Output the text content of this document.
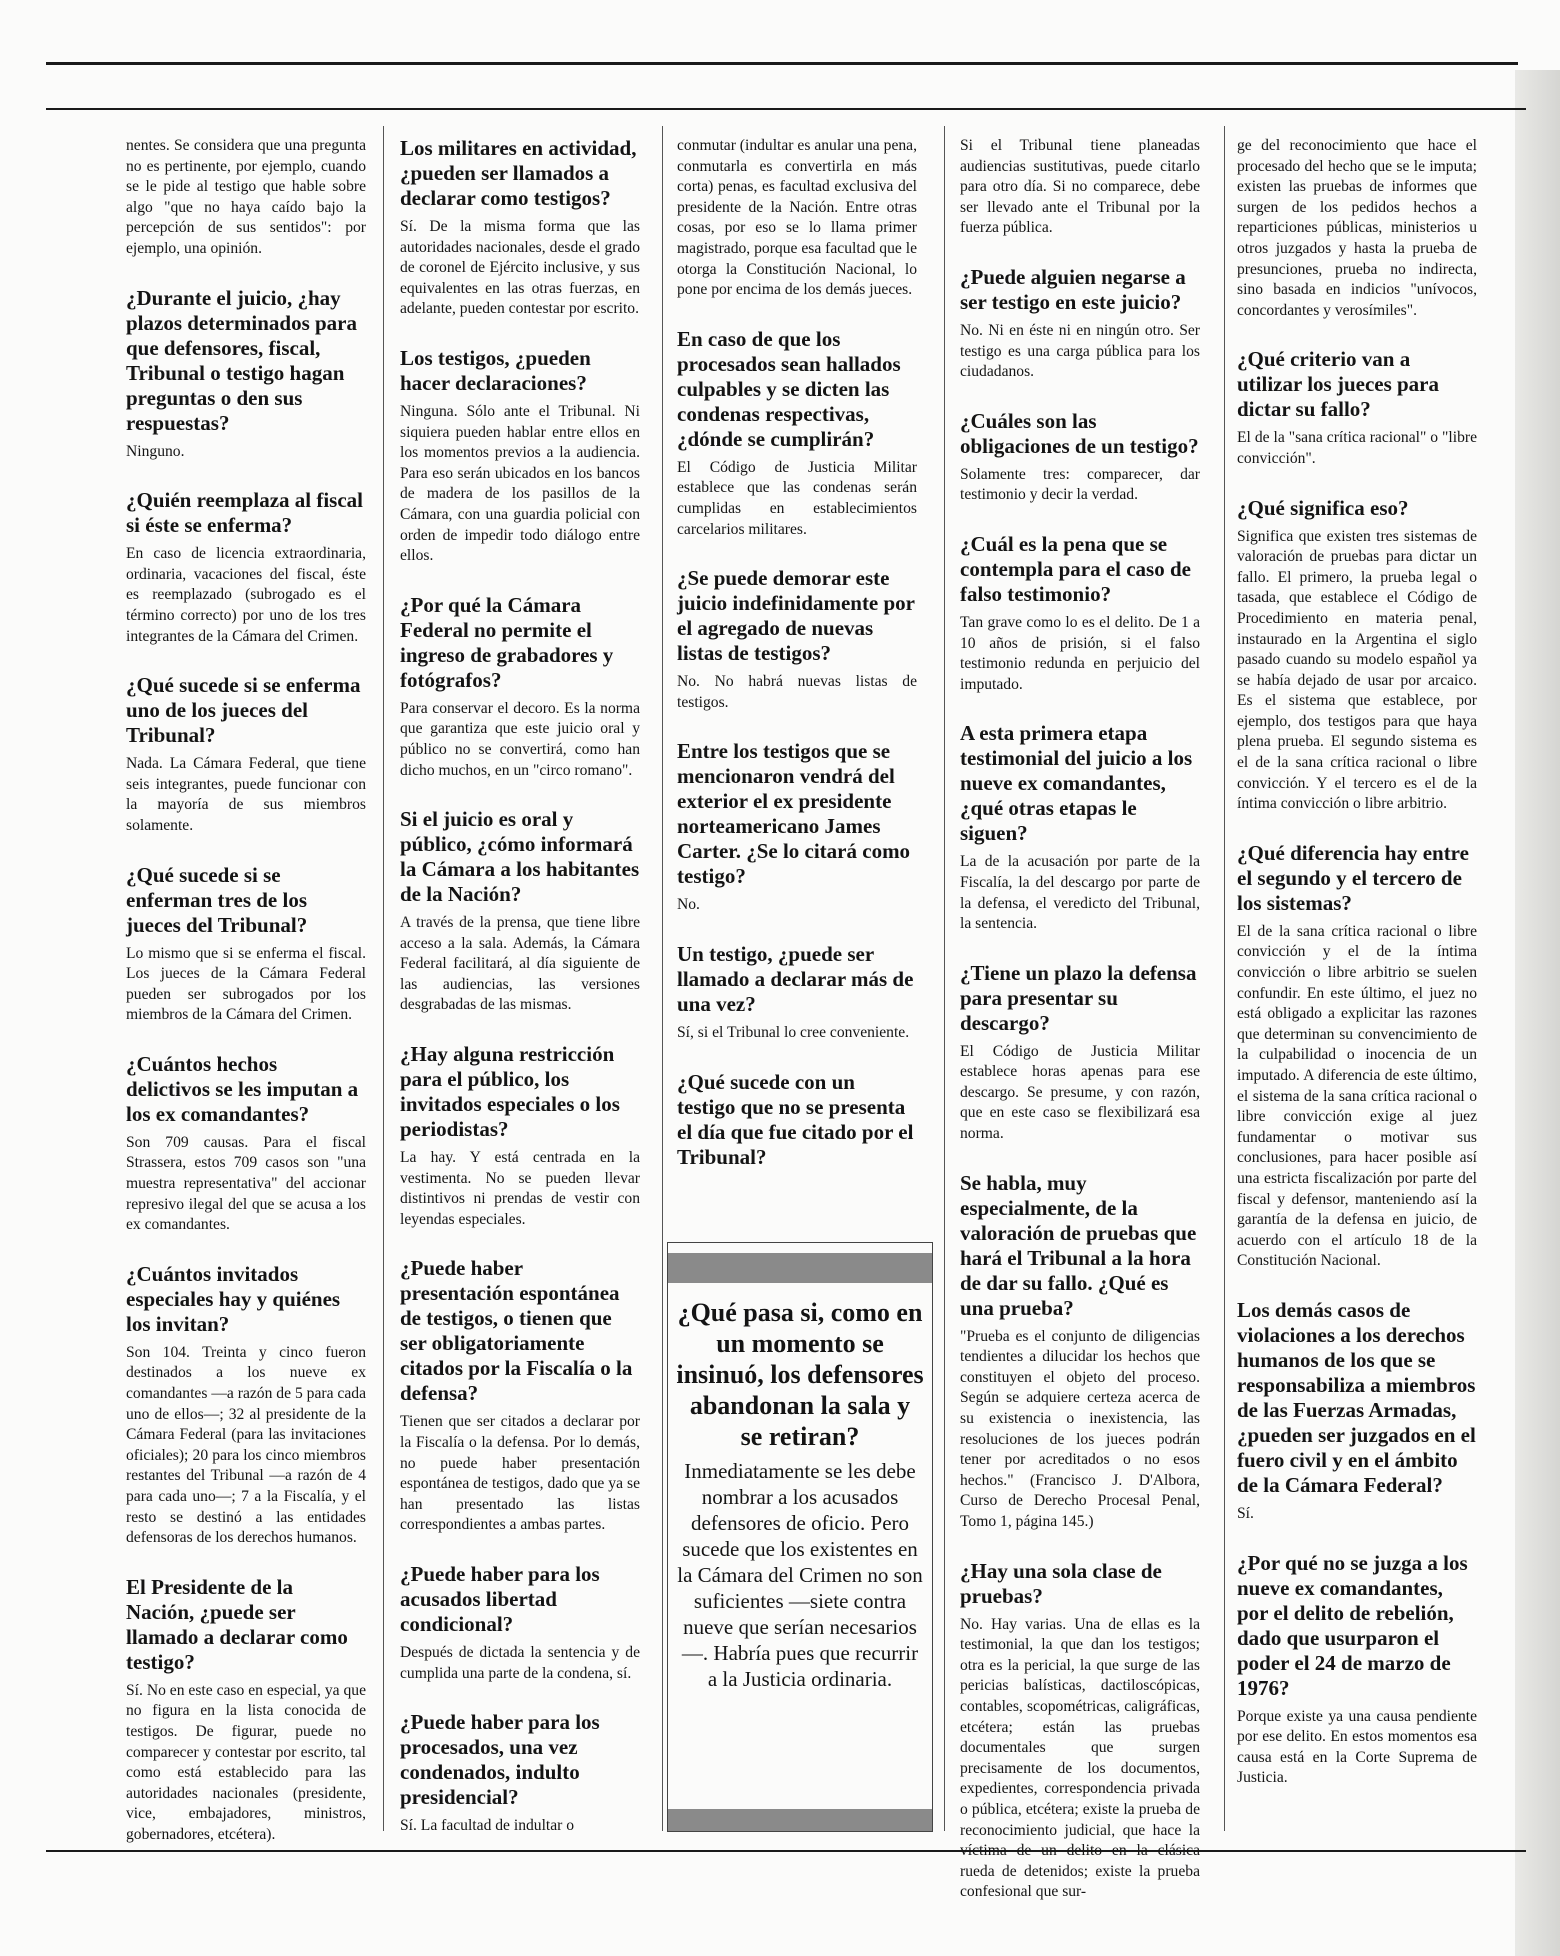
nentes. Se considera que una pregunta no es pertinente, por ejemplo, cuando se le pide al testigo que hable sobre algo "que no haya caído bajo la percepción de sus sentidos": por ejemplo, una opinión.

¿Durante el juicio, ¿hay plazos determinados para que defensores, fiscal, Tribunal o testigo hagan preguntas o den sus respuestas?

Ninguno.

¿Quién reemplaza al fiscal si éste se enferma?

En caso de licencia extraordinaria, ordinaria, vacaciones del fiscal, éste es reemplazado (subrogado es el término correcto) por uno de los tres integrantes de la Cámara del Crimen.

¿Qué sucede si se enferma uno de los jueces del Tribunal?

Nada. La Cámara Federal, que tiene seis integrantes, puede funcionar con la mayoría de sus miembros solamente.

¿Qué sucede si se enferman tres de los jueces del Tribunal?

Lo mismo que si se enferma el fiscal. Los jueces de la Cámara Federal pueden ser subrogados por los miembros de la Cámara del Crimen.

¿Cuántos hechos delictivos se les imputan a los ex comandantes?

Son 709 causas. Para el fiscal Strassera, estos 709 casos son "una muestra representativa" del accionar represivo ilegal del que se acusa a los ex comandantes.

¿Cuántos invitados especiales hay y quiénes los invitan?

Son 104. Treinta y cinco fueron destinados a los nueve ex comandantes —a razón de 5 para cada uno de ellos—; 32 al presidente de la Cámara Federal (para las invitaciones oficiales); 20 para los cinco miembros restantes del Tribunal —a razón de 4 para cada uno—; 7 a la Fiscalía, y el resto se destinó a las entidades defensoras de los derechos humanos.

El Presidente de la Nación, ¿puede ser llamado a declarar como testigo?

Sí. No en este caso en especial, ya que no figura en la lista conocida de testigos. De figurar, puede no comparecer y contestar por escrito, tal como está establecido para las autoridades nacionales (presidente, vice, embajadores, ministros, gobernadores, etcétera).

Los militares en actividad, ¿pueden ser llamados a declarar como testigos?

Sí. De la misma forma que las autoridades nacionales, desde el grado de coronel de Ejército inclusive, y sus equivalentes en las otras fuerzas, en adelante, pueden contestar por escrito.

Los testigos, ¿pueden hacer declaraciones?

Ninguna. Sólo ante el Tribunal. Ni siquiera pueden hablar entre ellos en los momentos previos a la audiencia. Para eso serán ubicados en los bancos de madera de los pasillos de la Cámara, con una guardia policial con orden de impedir todo diálogo entre ellos.

¿Por qué la Cámara Federal no permite el ingreso de grabadores y fotógrafos?

Para conservar el decoro. Es la norma que garantiza que este juicio oral y público no se convertirá, como han dicho muchos, en un "circo romano".

Si el juicio es oral y público, ¿cómo informará la Cámara a los habitantes de la Nación?

A través de la prensa, que tiene libre acceso a la sala. Además, la Cámara Federal facilitará, al día siguiente de las audiencias, las versiones desgrabadas de las mismas.

¿Hay alguna restricción para el público, los invitados especiales o los periodistas?

La hay. Y está centrada en la vestimenta. No se pueden llevar distintivos ni prendas de vestir con leyendas especiales.

¿Puede haber presentación espontánea de testigos, o tienen que ser obligatoriamente citados por la Fiscalía o la defensa?

Tienen que ser citados a declarar por la Fiscalía o la defensa. Por lo demás, no puede haber presentación espontánea de testigos, dado que ya se han presentado las listas correspondientes a ambas partes.

¿Puede haber para los acusados libertad condicional?

Después de dictada la sentencia y de cumplida una parte de la condena, sí.

¿Puede haber para los procesados, una vez condenados, indulto presidencial?

Sí. La facultad de indultar o

conmutar (indultar es anular una pena, conmutarla es convertirla en más corta) penas, es facultad exclusiva del presidente de la Nación. Entre otras cosas, por eso se lo llama primer magistrado, porque esa facultad que le otorga la Constitución Nacional, lo pone por encima de los demás jueces.

En caso de que los procesados sean hallados culpables y se dicten las condenas respectivas, ¿dónde se cumplirán?

El Código de Justicia Militar establece que las condenas serán cumplidas en establecimientos carcelarios militares.

¿Se puede demorar este juicio indefinidamente por el agregado de nuevas listas de testigos?

No. No habrá nuevas listas de testigos.

Entre los testigos que se mencionaron vendrá del exterior el ex presidente norteamericano James Carter. ¿Se lo citará como testigo?

No.

Un testigo, ¿puede ser llamado a declarar más de una vez?

Sí, si el Tribunal lo cree conveniente.

¿Qué sucede con un testigo que no se presenta el día que fue citado por el Tribunal?

Si el Tribunal tiene planeadas audiencias sustitutivas, puede citarlo para otro día. Si no comparece, debe ser llevado ante el Tribunal por la fuerza pública.

¿Puede alguien negarse a ser testigo en este juicio?

No. Ni en éste ni en ningún otro. Ser testigo es una carga pública para los ciudadanos.

¿Cuáles son las obligaciones de un testigo?

Solamente tres: comparecer, dar testimonio y decir la verdad.

¿Cuál es la pena que se contempla para el caso de falso testimonio?

Tan grave como lo es el delito. De 1 a 10 años de prisión, si el falso testimonio redunda en perjuicio del imputado.

A esta primera etapa testimonial del juicio a los nueve ex comandantes, ¿qué otras etapas le siguen?

La de la acusación por parte de la Fiscalía, la del descargo por parte de la defensa, el veredicto del Tribunal, la sentencia.

¿Tiene un plazo la defensa para presentar su descargo?

El Código de Justicia Militar establece horas apenas para ese descargo. Se presume, y con razón, que en este caso se flexibilizará esa norma.

Se habla, muy especialmente, de la valoración de pruebas que hará el Tribunal a la hora de dar su fallo. ¿Qué es una prueba?

"Prueba es el conjunto de diligencias tendientes a dilucidar los hechos que constituyen el objeto del proceso. Según se adquiere certeza acerca de su existencia o inexistencia, las resoluciones de los jueces podrán tener por acreditados o no esos hechos." (Francisco J. D'Albora, Curso de Derecho Procesal Penal, Tomo 1, página 145.)

¿Hay una sola clase de pruebas?

No. Hay varias. Una de ellas es la testimonial, la que dan los testigos; otra es la pericial, la que surge de las pericias balísticas, dactiloscópicas, contables, scopométricas, caligráficas, etcétera; están las pruebas documentales que surgen precisamente de los documentos, expedientes, correspondencia privada o pública, etcétera; existe la prueba de reconocimiento judicial, que hace la víctima de un delito en la clásica rueda de detenidos; existe la prueba confesional que sur-

ge del reconocimiento que hace el procesado del hecho que se le imputa; existen las pruebas de informes que surgen de los pedidos hechos a reparticiones públicas, ministerios u otros juzgados y hasta la prueba de presunciones, prueba no indirecta, sino basada en indicios "unívocos, concordantes y verosímiles".

¿Qué criterio van a utilizar los jueces para dictar su fallo?

El de la "sana crítica racional" o "libre convicción".

¿Qué significa eso?

Significa que existen tres sistemas de valoración de pruebas para dictar un fallo. El primero, la prueba legal o tasada, que establece el Código de Procedimiento en materia penal, instaurado en la Argentina el siglo pasado cuando su modelo español ya se había dejado de usar por arcaico. Es el sistema que establece, por ejemplo, dos testigos para que haya plena prueba. El segundo sistema es el de la sana crítica racional o libre convicción. Y el tercero es el de la íntima convicción o libre arbitrio.

¿Qué diferencia hay entre el segundo y el tercero de los sistemas?

El de la sana crítica racional o libre convicción y el de la íntima convicción o libre arbitrio se suelen confundir. En este último, el juez no está obligado a explicitar las razones que determinan su convencimiento de la culpabilidad o inocencia de un imputado. A diferencia de este último, el sistema de la sana crítica racional o libre convicción exige al juez fundamentar o motivar sus conclusiones, para hacer posible así una estricta fiscalización por parte del fiscal y defensor, manteniendo así la garantía de la defensa en juicio, de acuerdo con el artículo 18 de la Constitución Nacional.

Los demás casos de violaciones a los derechos humanos de los que se responsabiliza a miembros de las Fuerzas Armadas, ¿pueden ser juzgados en el fuero civil y en el ámbito de la Cámara Federal?

Sí.

¿Por qué no se juzga a los nueve ex comandantes, por el delito de rebelión, dado que usurparon el poder el 24 de marzo de 1976?

Porque existe ya una causa pendiente por ese delito. En estos momentos esa causa está en la Corte Suprema de Justicia.

¿Qué pasa si, como en un momento se insinuó, los defensores abandonan la sala y se retiran?

Inmediatamente se les debe nombrar a los acusados defensores de oficio. Pero sucede que los existentes en la Cámara del Crimen no son suficientes —siete contra nueve que serían necesarios—. Habría pues que recurrir a la Justicia ordinaria.
